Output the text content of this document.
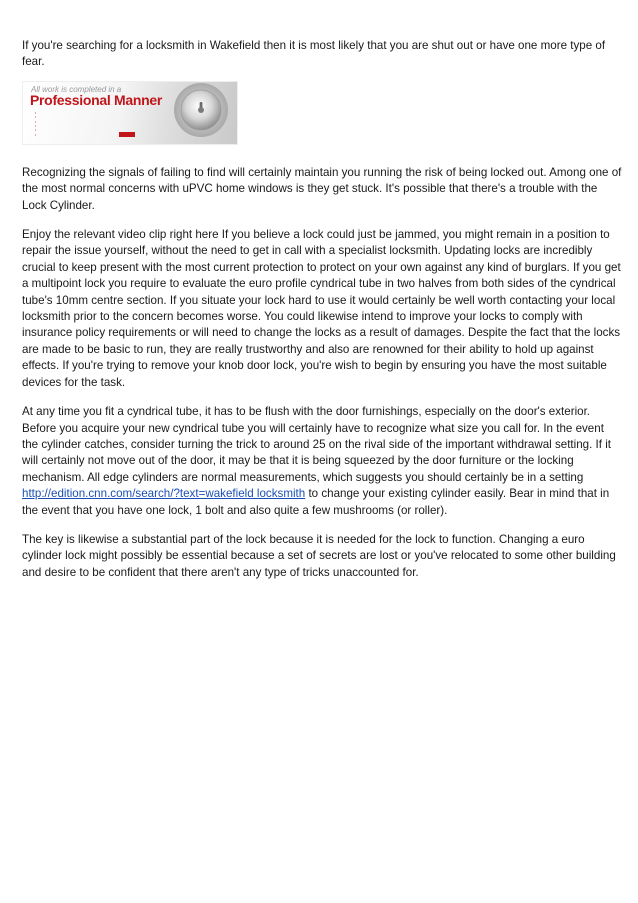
If you're searching for a locksmith in Wakefield then it is most likely that you are shut out or have one more type of fear.

All work is completed in a
Professional Manner
•
•
•
•
•
•

Recognizing the signals of failing to find will certainly maintain you running the risk of being locked out. Among one of the most normal concerns with uPVC home windows is they get stuck. It's possible that there's a trouble with the Lock Cylinder.

Enjoy the relevant video clip right here If you believe a lock could just be jammed, you might remain in a position to repair the issue yourself, without the need to get in call with a specialist locksmith. Updating locks are incredibly crucial to keep present with the most current protection to protect on your own against any kind of burglars. If you get a multipoint lock you require to evaluate the euro profile cyndrical tube in two halves from both sides of the cyndrical tube's 10mm centre section. If you situate your lock hard to use it would certainly be well worth contacting your local locksmith prior to the concern becomes worse. You could likewise intend to improve your locks to comply with insurance policy requirements or will need to change the locks as a result of damages. Despite the fact that the locks are made to be basic to run, they are really trustworthy and also are renowned for their ability to hold up against effects. If you're trying to remove your knob door lock, you're wish to begin by ensuring you have the most suitable devices for the task.

At any time you fit a cyndrical tube, it has to be flush with the door furnishings, especially on the door's exterior. Before you acquire your new cyndrical tube you will certainly have to recognize what size you call for. In the event the cylinder catches, consider turning the trick to around 25 on the rival side of the important withdrawal setting. If it will certainly not move out of the door, it may be that it is being squeezed by the door furniture or the locking mechanism. All edge cylinders are normal measurements, which suggests you should certainly be in a setting http://edition.cnn.com/search/?text=wakefield locksmith to change your existing cylinder easily. Bear in mind that in the event that you have one lock, 1 bolt and also quite a few mushrooms (or roller).

The key is likewise a substantial part of the lock because it is needed for the lock to function. Changing a euro cylinder lock might possibly be essential because a set of secrets are lost or you've relocated to some other building and desire to be confident that there aren't any type of tricks unaccounted for.
